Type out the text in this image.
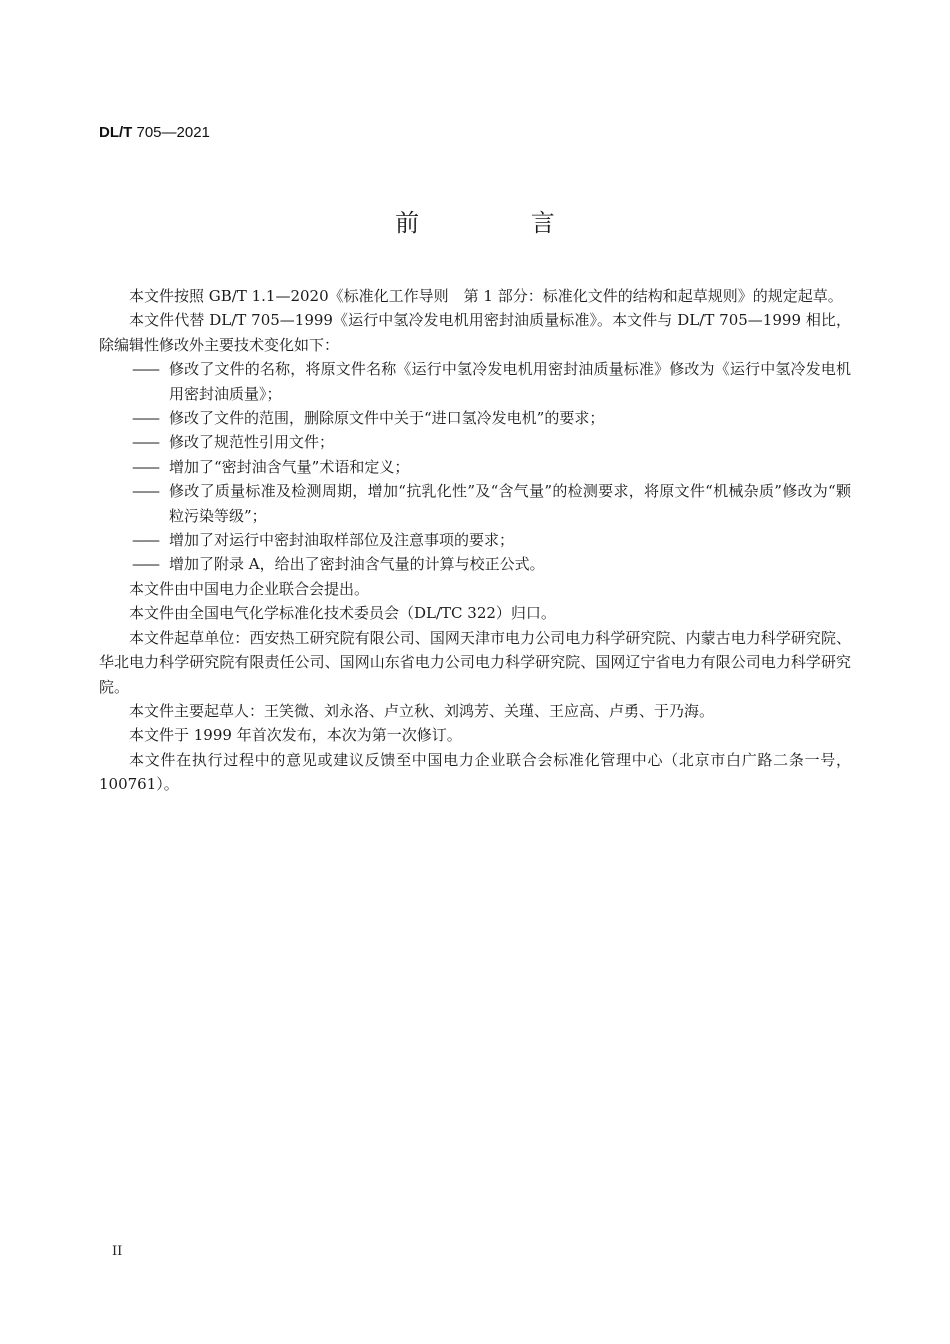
DL/T 705—2021
前 言

本文件按照 GB/T 1.1—2020《标准化工作导则　第 1 部分：标准化文件的结构和起草规则》的规定起草。

本文件代替 DL/T 705—1999《运行中氢冷发电机用密封油质量标准》。本文件与 DL/T 705—1999 相比，除编辑性修改外主要技术变化如下：

—— 修改了文件的名称，将原文件名称《运行中氢冷发电机用密封油质量标准》修改为《运行中氢冷发电机用密封油质量》；
—— 修改了文件的范围，删除原文件中关于“进口氢冷发电机”的要求；
—— 修改了规范性引用文件；
—— 增加了“密封油含气量”术语和定义；
—— 修改了质量标准及检测周期，增加“抗乳化性”及“含气量”的检测要求，将原文件“机械杂质”修改为“颗粒污染等级”；
—— 增加了对运行中密封油取样部位及注意事项的要求；
—— 增加了附录 A，给出了密封油含气量的计算与校正公式。

本文件由中国电力企业联合会提出。

本文件由全国电气化学标准化技术委员会（DL/TC 322）归口。

本文件起草单位：西安热工研究院有限公司、国网天津市电力公司电力科学研究院、内蒙古电力科学研究院、华北电力科学研究院有限责任公司、国网山东省电力公司电力科学研究院、国网辽宁省电力有限公司电力科学研究院。

本文件主要起草人：王笑微、刘永洛、卢立秋、刘鸿芳、关瑾、王应高、卢勇、于乃海。

本文件于 1999 年首次发布，本次为第一次修订。

本文件在执行过程中的意见或建议反馈至中国电力企业联合会标准化管理中心（北京市白广路二条一号，100761）。

II
